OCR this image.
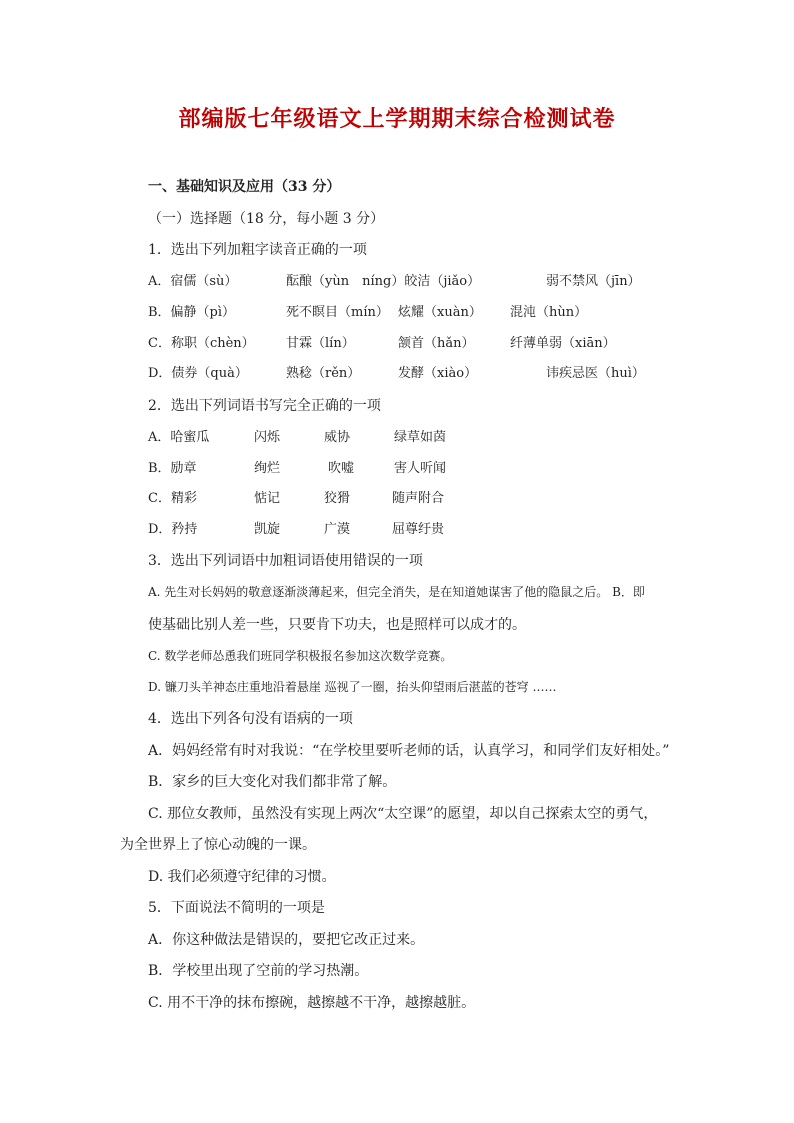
部编版七年级语文上学期期末综合检测试卷
一、基础知识及应用（33 分）
（一）选择题（18 分，每小题 3 分）
1．选出下列加粗字读音正确的一项
A．宿儒（sù）	酝酿（yùn　níng）皎洁（jiǎo）	弱不禁风（jīn）
B．偏静（pì）	死不瞑目（mín） 炫耀（xuàn） 混沌（hùn）
C．称职（chèn） 甘霖（lín）	颔首（hǎn）	纤薄单弱（xiān）
D．债券（quà）	熟稔（rěn）	发酵（xiào）	讳疾忌医（huì）
2．选出下列词语书写完全正确的一项
A．哈蜜瓜	闪烁	威协	绿草如茵
B．励章	绚烂	吹嘘	害人听闻
C．精彩	惦记	狡猾	随声附合
D．矜持	凯旋	广漠	屈尊纡贵
3．选出下列词语中加粗词语使用错误的一项
A. 先生对长妈妈的敬意逐渐淡薄起来，但完全消失，是在知道她谋害了他的隐鼠之后。 B．即
使基础比别人差一些，只要肯下功夫，也是照样可以成才的。
C. 数学老师怂恿我们班同学积极报名参加这次数学竞赛。
D. 镰刀头羊神态庄重地沿着悬崖 巡视了一圈，抬头仰望雨后湛蓝的苍穹 ……
4．选出下列各句没有语病的一项
A．妈妈经常有时对我说：“在学校里要听老师的话，认真学习，和同学们友好相处。”
B．家乡的巨大变化对我们都非常了解。
C. 那位女教师，虽然没有实现上两次“太空课”的愿望，却以自己探索太空的勇气，
为全世界上了惊心动魄的一课。
D. 我们必须遵守纪律的习惯。
5．下面说法不简明的一项是
A．你这种做法是错误的，要把它改正过来。
B．学校里出现了空前的学习热潮。
C. 用不干净的抹布擦碗，越擦越不干净，越擦越脏。
